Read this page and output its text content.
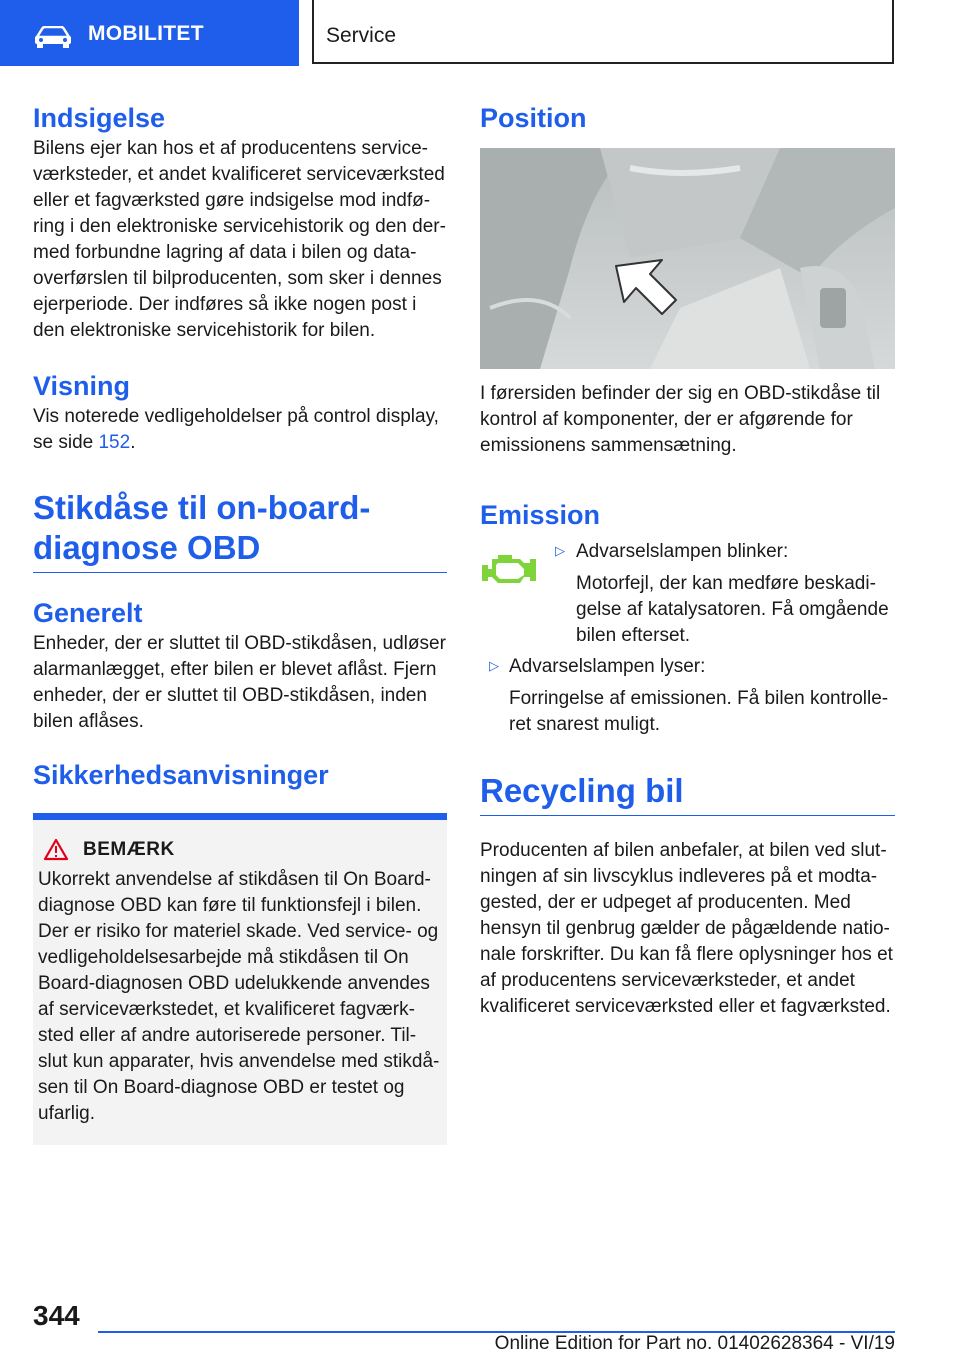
MOBILITET	Service
Indsigelse

Bilens ejer kan hos et af producentens service-værksteder, et andet kvalificeret serviceværksted eller et fagværksted gøre indsigelse mod indfø-ring i den elektroniske servicehistorik og den der-med forbundne lagring af data i bilen og data-overførslen til bilproducenten, som sker i dennes ejerperiode. Der indføres så ikke nogen post i den elektroniske servicehistorik for bilen.

Visning

Vis noterede vedligeholdelser på control display, se side 152.

Stikdåse til on-board-diagnose OBD
Generelt

Enheder, der er sluttet til OBD-stikdåsen, udløser alarmanlægget, efter bilen er blevet aflåst. Fjern enheder, der er sluttet til OBD-stikdåsen, inden bilen aflåses.

Sikkerhedsanvisninger
BEMÆRK

Ukorrekt anvendelse af stikdåsen til On Board-diagnose OBD kan føre til funktionsfejl i bilen. Der er risiko for materiel skade. Ved service- og vedligeholdelsesarbejde må stikdåsen til On Board-diagnosen OBD udelukkende anvendes af serviceværkstedet, et kvalificeret fagværk-sted eller af andre autoriserede personer. Til-slut kun apparater, hvis anvendelse med stikdå-sen til On Board-diagnose OBD er testet og ufarlig.

Position

I førersiden befinder der sig en OBD-stikdåse til kontrol af komponenter, der er afgørende for emissionens sammensætning.

Emission
▷ Advarselslampen blinker:
Motorfejl, der kan medføre beskadi-gelse af katalysatoren. Få omgående bilen efterset.
▷ Advarselslampen lyser:
Forringelse af emissionen. Få bilen kontrolle-ret snarest muligt.
Recycling bil

Producenten af bilen anbefaler, at bilen ved slut-ningen af sin livscyklus indleveres på et modta-gested, der er udpeget af producenten. Med hensyn til genbrug gælder de pågældende natio-nale forskrifter. Du kan få flere oplysninger hos et af producentens serviceværksteder, et andet kvalificeret serviceværksted eller et fagværksted.

344
Online Edition for Part no. 01402628364 - VI/19
